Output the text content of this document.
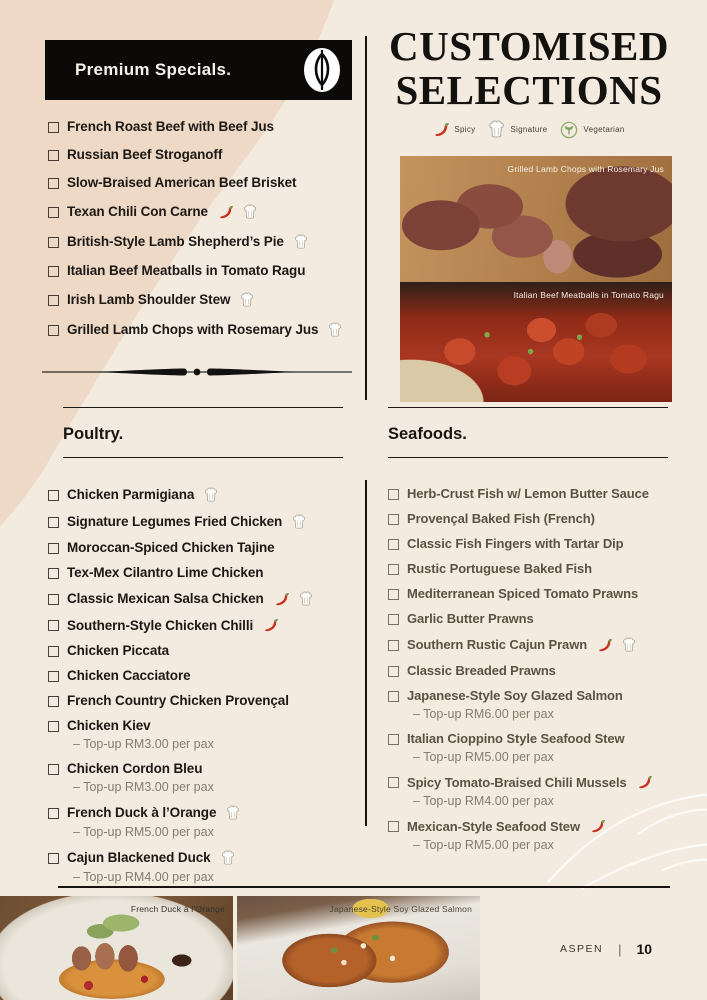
Premium Specials.
French Roast Beef with Beef Jus
Russian Beef Stroganoff
Slow-Braised American Beef Brisket
Texan Chili Con Carne
British-Style Lamb Shepherd’s Pie
Italian Beef Meatballs in Tomato Ragu
Irish Lamb Shoulder Stew
Grilled Lamb Chops with Rosemary Jus
Poultry.
Chicken Parmigiana
Signature Legumes Fried Chicken
Moroccan-Spiced Chicken Tajine
Tex-Mex Cilantro Lime Chicken
Classic Mexican Salsa Chicken
Southern-Style Chicken Chilli
Chicken Piccata
Chicken Cacciatore
French Country Chicken Provençal
Chicken Kiev
– Top-up RM3.00 per pax
Chicken Cordon Bleu
– Top-up RM3.00 per pax
French Duck à l’Orange
– Top-up RM5.00 per pax
Cajun Blackened Duck
– Top-up RM4.00 per pax
CUSTOMISED
SELECTIONS
Spicy	Signature	Vegetarian
Grilled Lamb Chops with Rosemary Jus
Italian Beef Meatballs in Tomato Ragu
Seafoods.
Herb-Crust Fish w/ Lemon Butter Sauce
Provençal Baked Fish (French)
Classic Fish Fingers with Tartar Dip
Rustic Portuguese Baked Fish
Mediterranean Spiced Tomato Prawns
Garlic Butter Prawns
Southern Rustic Cajun Prawn
Classic Breaded Prawns
Japanese-Style Soy Glazed Salmon
– Top-up RM6.00 per pax
Italian Cioppino Style Seafood Stew
– Top-up RM5.00 per pax
Spicy Tomato-Braised Chili Mussels
– Top-up RM4.00 per pax
Mexican-Style Seafood Stew
– Top-up RM5.00 per pax
French Duck à l’Orange	Japanese-Style Soy Glazed Salmon
ASPEN | 10
